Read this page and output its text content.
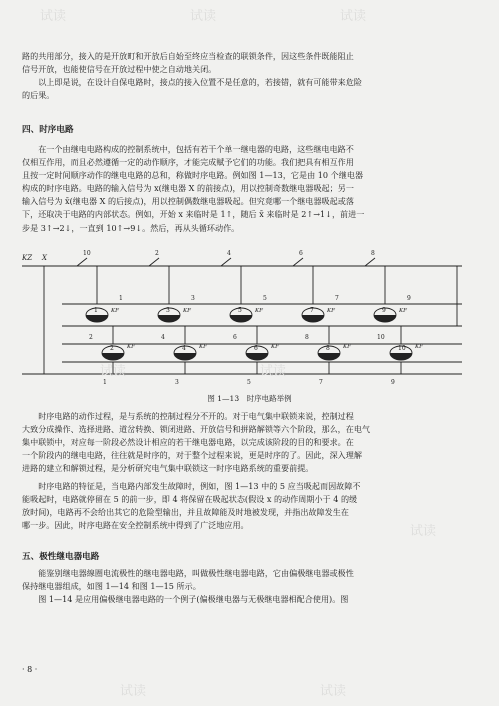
路的共用部分，接入的是开放町和开放后自始至终应当检查的联锁条件，因这些条件既能阻止
信号开放，也能使信号在开放过程中使之自动地关闭。
　　以上即是说，在设计自保电路时，接点的接入位置不是任意的，若接错，就有可能带来危险
的后果。

四、时序电路

　　在一个由继电电路构成的控制系统中，包括有若干个单一继电器的电路，这些继电电路不
仅相互作用，而且必然遵循一定的动作顺序，才能完成赋予它们的功能。我们把具有相互作用
且按一定时间顺序动作的继电电路的总和，称做时序电路。例如图 1—13，它是由 10 个继电器
构成的时序电路。电路的输入信号为 x(继电器 X 的前接点)，用以控制奇数继电器吸起；另一
输入信号为 x̄(继电器 X 的后接点)，用以控制偶数继电器吸起。但究竟哪一个继电器吸起或落
下，还取决于电路的内部状态。例如，开始 x 来临时是 1↑，随后 x̄ 来临时是 2↑→1↓，前进一
步是 3↑→2↓，一直到 10↑→9↓。然后，再从头循环动作。

KZ X
10
1 KF
1
2 KF
2
1
2
3 KF
3
4 KF
4
3
4
5 KF
5
6 KF
6
5
6
7 KF
7
8 KF
8
7
8
9 KF
9
10 KF
10
9

图 1—13　时序电路举例

　　时序电路的动作过程，是与系统的控制过程分不开的。对于电气集中联锁来说，控制过程
大致分成操作、选择进路、道岔转换、锁闭进路、开放信号和拼路解锁等六个阶段，那么，在电气
集中联锁中，对应每一阶段必然设计相应的若干继电器电路，以完成该阶段的目的和要求。在
一个阶段内的继电电路，往往就是时序的，对于整个过程来说，更是时序的了。因此，深入理解
进路的建立和解锁过程，是分析研究电气集中联锁这一时序电路系统的重要前提。

　　时序电路的特征是，当电路内部发生故障时，例如，图 1—13 中的 5 应当吸起而因故障不
能吸起时，电路就停留在 5 的前一步，即 4 将保留在吸起状态(假设 x 的动作周期小于 4 的缓
放时间)，电路再不会给出其它的危险型输出，并且故障能及时地被发现，并指出故障发生在
哪一步。因此，时序电路在安全控制系统中得到了广泛地应用。

五、极性继电器电路

　　能鉴别继电器線圈电流极性的继电器电路，叫做极性继电器电路，它由偏极继电器或极性
保持继电器组成，如图 1—14 和图 1—15 所示。
　　图 1—14 是应用偏极继电器电路的一个例子(偏极继电器与无极继电器相配合使用)。图

· 8 ·
试读	试读	试读
试读	试读
试读
试读	试读
